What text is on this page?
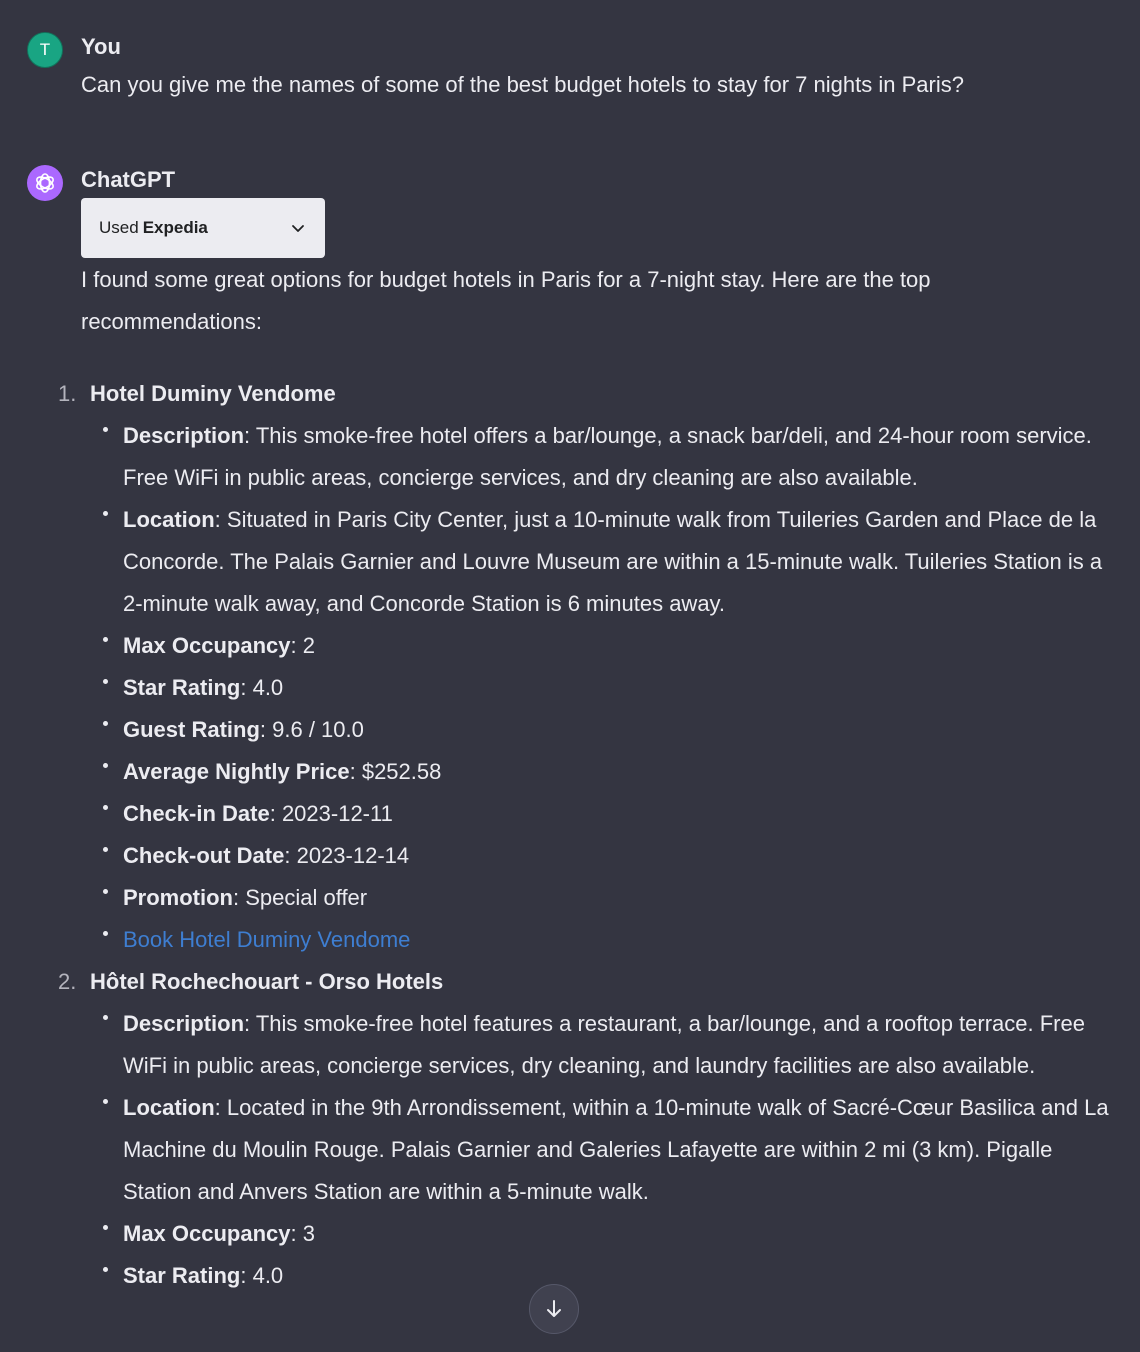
T You
Can you give me the names of some of the best budget hotels to stay for 7 nights in Paris?
ChatGPT
Used Expedia
I found some great options for budget hotels in Paris for a 7-night stay. Here are the top recommendations:
1. Hotel Duminy Vendome
Description: This smoke-free hotel offers a bar/lounge, a snack bar/deli, and 24-hour room service. Free WiFi in public areas, concierge services, and dry cleaning are also available.
Location: Situated in Paris City Center, just a 10-minute walk from Tuileries Garden and Place de la Concorde. The Palais Garnier and Louvre Museum are within a 15-minute walk. Tuileries Station is a 2-minute walk away, and Concorde Station is 6 minutes away.
Max Occupancy: 2
Star Rating: 4.0
Guest Rating: 9.6 / 10.0
Average Nightly Price: $252.58
Check-in Date: 2023-12-11
Check-out Date: 2023-12-14
Promotion: Special offer
Book Hotel Duminy Vendome
2. Hôtel Rochechouart - Orso Hotels
Description: This smoke-free hotel features a restaurant, a bar/lounge, and a rooftop terrace. Free WiFi in public areas, concierge services, dry cleaning, and laundry facilities are also available.
Location: Located in the 9th Arrondissement, within a 10-minute walk of Sacré-Cœur Basilica and La Machine du Moulin Rouge. Palais Garnier and Galeries Lafayette are within 2 mi (3 km). Pigalle Station and Anvers Station are within a 5-minute walk.
Max Occupancy: 3
Star Rating: 4.0
